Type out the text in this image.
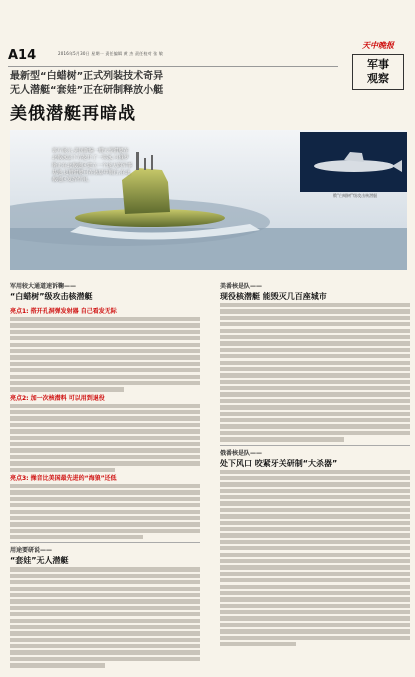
A14	2016年5月30日 星期一 责任编辑 黄 杰 责任校对 张 敏
天中晚报
军事
观察
最新型“白蜡树”正式列装技术奇异
无人潜艇“套娃”正在研制释放小艇
美俄潜艇再暗战
该片展示,美国新编一艘大型潜艇在北极冰层下方挖开了一块冰,与俄罗斯正在北极地区建立一个庞大的军事基地,这艘潜艇可在冰层中航行,在北极地区发挥作用。
俄“白蜡树”级攻击核潜艇
军用较大通道速诉鞠——
“白蜡树”级攻击核潜艇
亮点1: 搭开孔洞弹发射器 自己看发无际
亮点2: 加一次核潜料 可以用到退役
亮点3: 操音比美国最先进的“海狼”还低
用途要研说——
“套娃”无人潜艇
美番核是队——
现役核潜艇 能毁灭几百座城市
俄番核是队——
处下风口 咬紧牙关研制“大杀器”
